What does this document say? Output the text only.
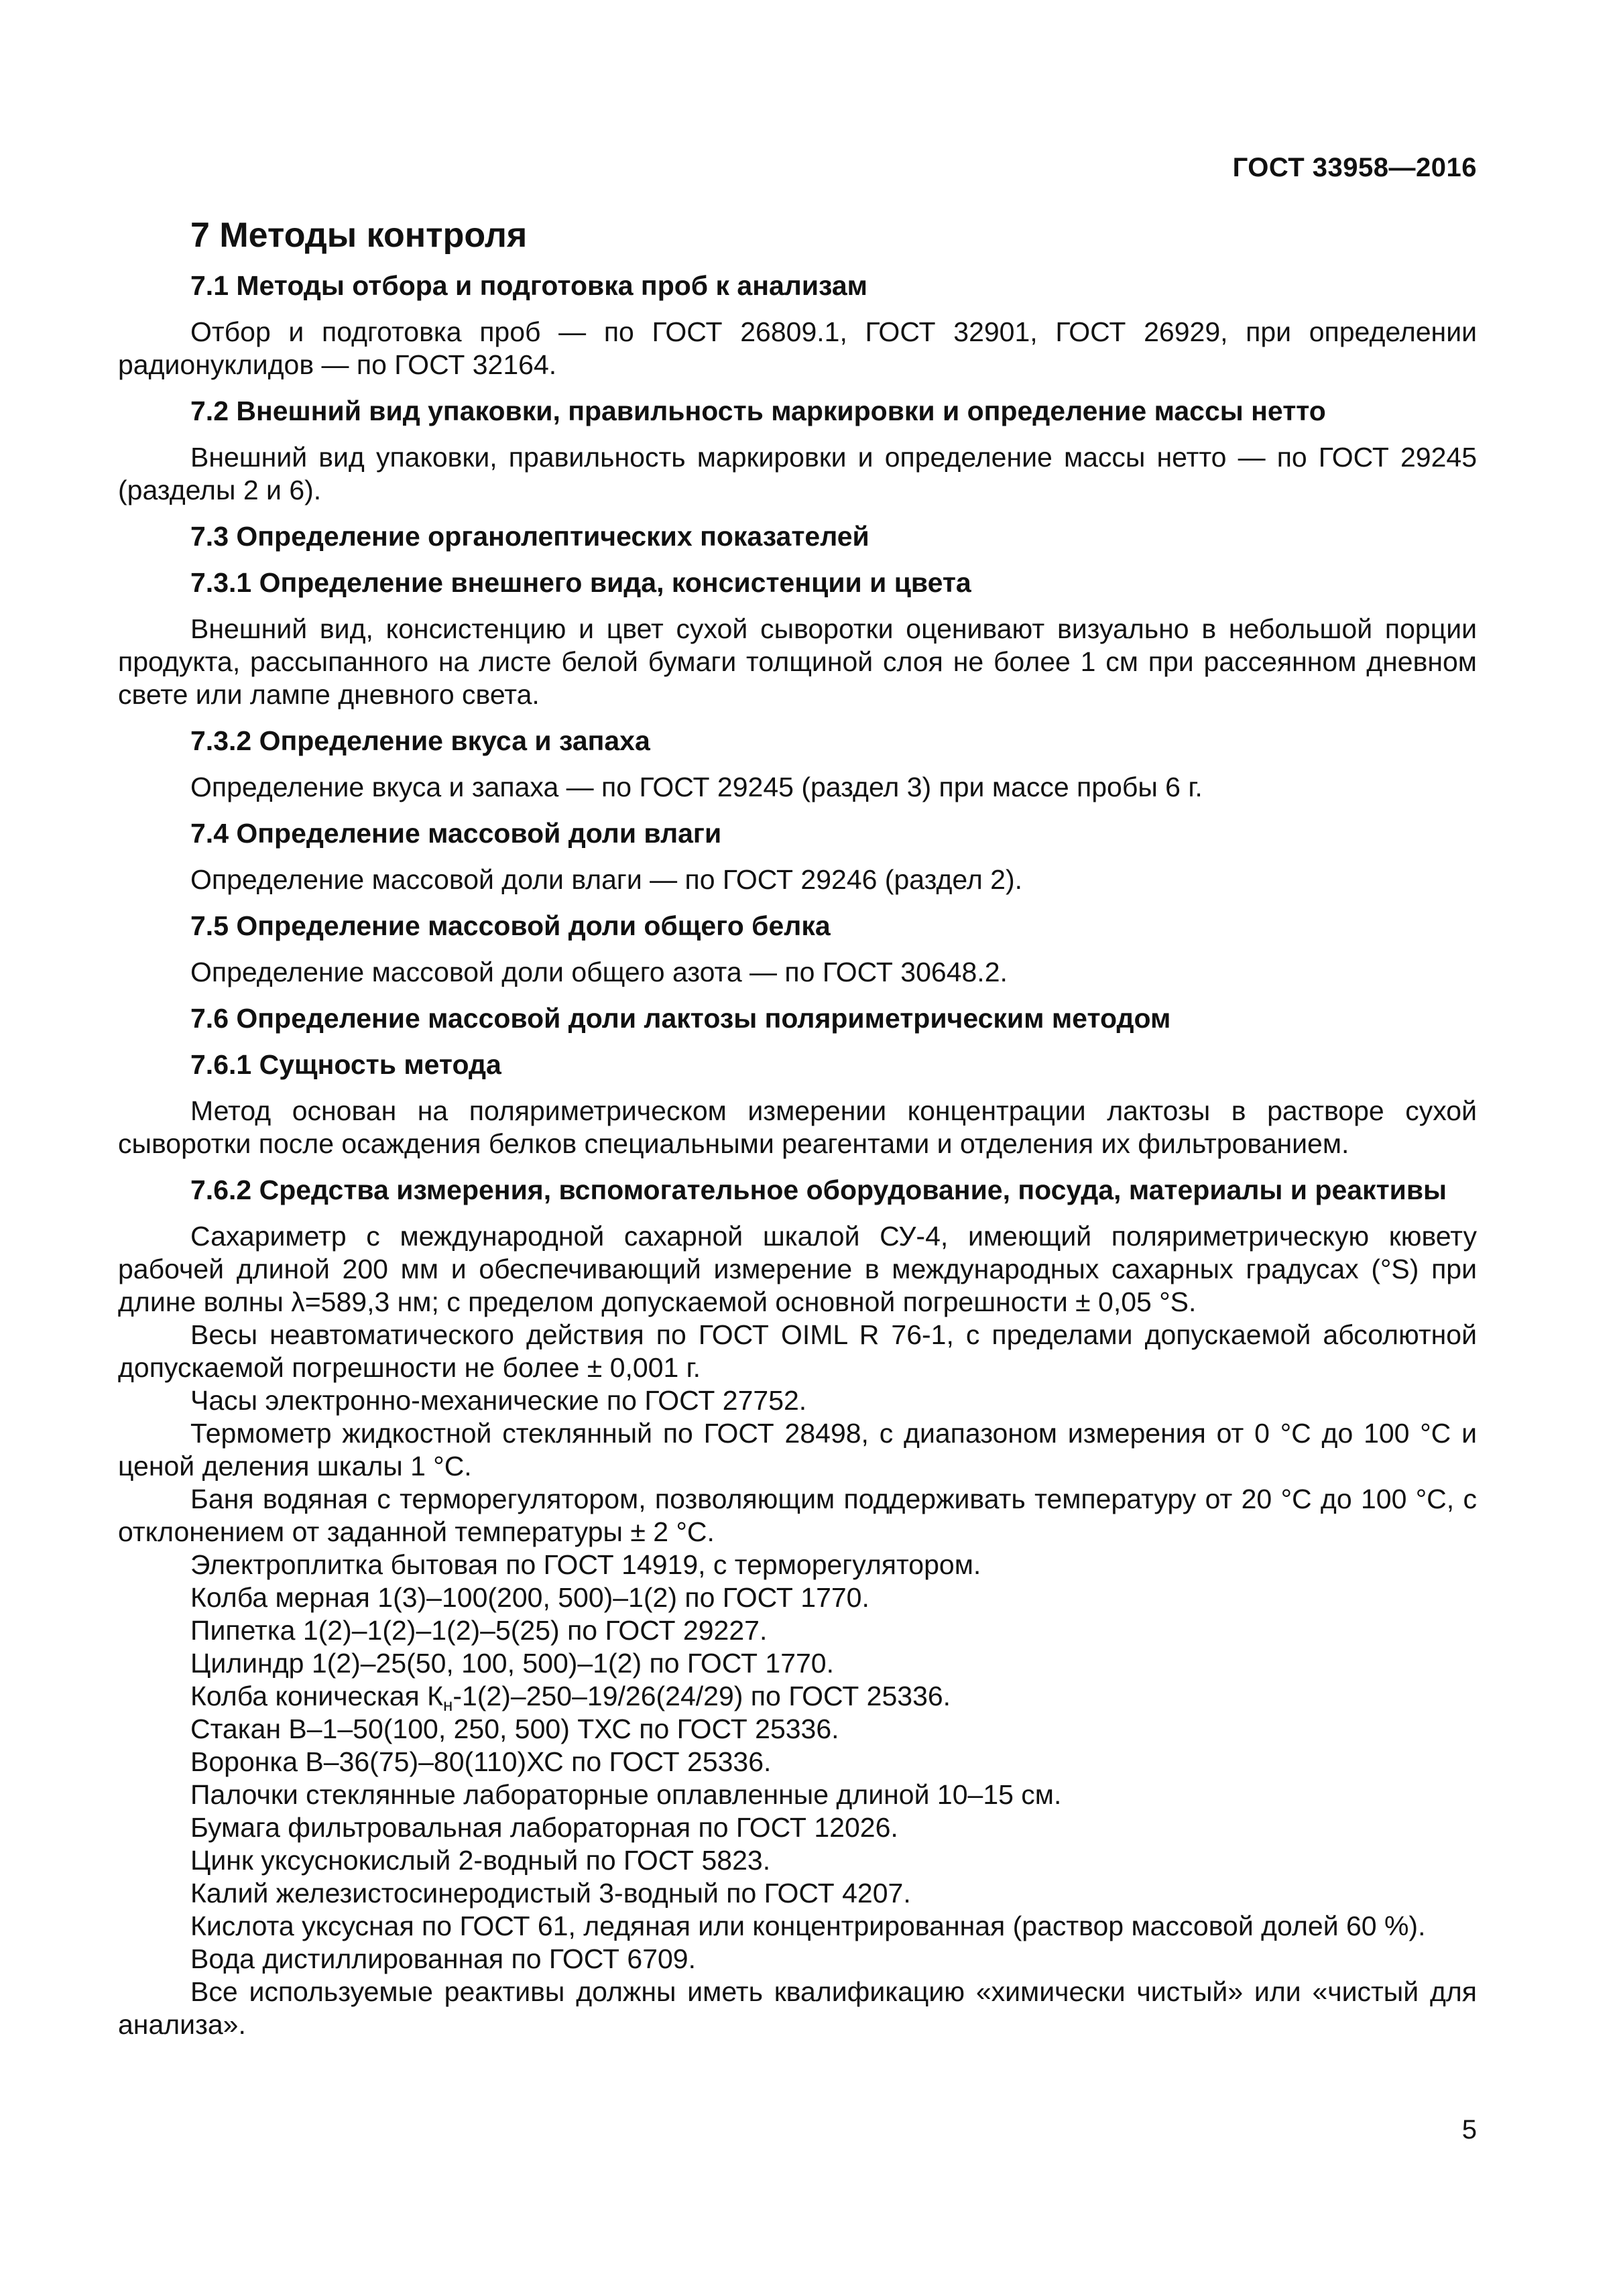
ГОСТ 33958—2016
7 Методы контроля
7.1 Методы отбора и подготовка проб к анализам

Отбор и подготовка проб — по ГОСТ 26809.1, ГОСТ 32901, ГОСТ 26929, при определении радионуклидов — по ГОСТ 32164.

7.2 Внешний вид упаковки, правильность маркировки и определение массы нетто

Внешний вид упаковки, правильность маркировки и определение массы нетто — по ГОСТ 29245 (разделы 2 и 6).

7.3 Определение органолептических показателей
7.3.1 Определение внешнего вида, консистенции и цвета

Внешний вид, консистенцию и цвет сухой сыворотки оценивают визуально в небольшой порции продукта, рассыпанного на листе белой бумаги толщиной слоя не более 1 см при рассеянном дневном свете или лампе дневного света.

7.3.2 Определение вкуса и запаха

Определение вкуса и запаха — по ГОСТ 29245 (раздел 3) при массе пробы 6 г.

7.4 Определение массовой доли влаги

Определение массовой доли влаги — по ГОСТ 29246 (раздел 2).

7.5 Определение массовой доли общего белка

Определение массовой доли общего азота — по ГОСТ 30648.2.

7.6 Определение массовой доли лактозы поляриметрическим методом
7.6.1 Сущность метода

Метод основан на поляриметрическом измерении концентрации лактозы в растворе сухой сыворотки после осаждения белков специальными реагентами и отделения их фильтрованием.

7.6.2 Средства измерения, вспомогательное оборудование, посуда, материалы и реактивы

Сахариметр с международной сахарной шкалой СУ-4, имеющий поляриметрическую кювету рабочей длиной 200 мм и обеспечивающий измерение в международных сахарных градусах (°S) при длине волны λ=589,3 нм; с пределом допускаемой основной погрешности ± 0,05 °S.

Весы неавтоматического действия по ГОСТ OIML R 76-1, с пределами допускаемой абсолютной допускаемой погрешности не более ± 0,001 г.

Часы электронно-механические по ГОСТ 27752.

Термометр жидкостной стеклянный по ГОСТ 28498, с диапазоном измерения от 0 °С до 100 °С и ценой деления шкалы 1 °С.

Баня водяная с терморегулятором, позволяющим поддерживать температуру от 20 °С до 100 °С, с отклонением от заданной температуры ± 2 °С.

Электроплитка бытовая по ГОСТ 14919, с терморегулятором.
Колба мерная 1(3)–100(200, 500)–1(2) по ГОСТ 1770.
Пипетка 1(2)–1(2)–1(2)–5(25) по ГОСТ 29227.
Цилиндр 1(2)–25(50, 100, 500)–1(2) по ГОСТ 1770.
Колба коническая $К_н-1(2)-250-19/26(24/29)$ по ГОСТ 25336.
Стакан В–1–50(100, 250, 500) ТХС по ГОСТ 25336.
Воронка В–36(75)–80(110)ХС по ГОСТ 25336.
Палочки стеклянные лабораторные оплавленные длиной 10–15 см.
Бумага фильтровальная лабораторная по ГОСТ 12026.
Цинк уксуснокислый 2-водный по ГОСТ 5823.
Калий железистосинеродистый 3-водный по ГОСТ 4207.
Кислота уксусная по ГОСТ 61, ледяная или концентрированная (раствор массовой долей 60 %).
Вода дистиллированная по ГОСТ 6709.

Все используемые реактивы должны иметь квалификацию «химически чистый» или «чистый для анализа».

5
